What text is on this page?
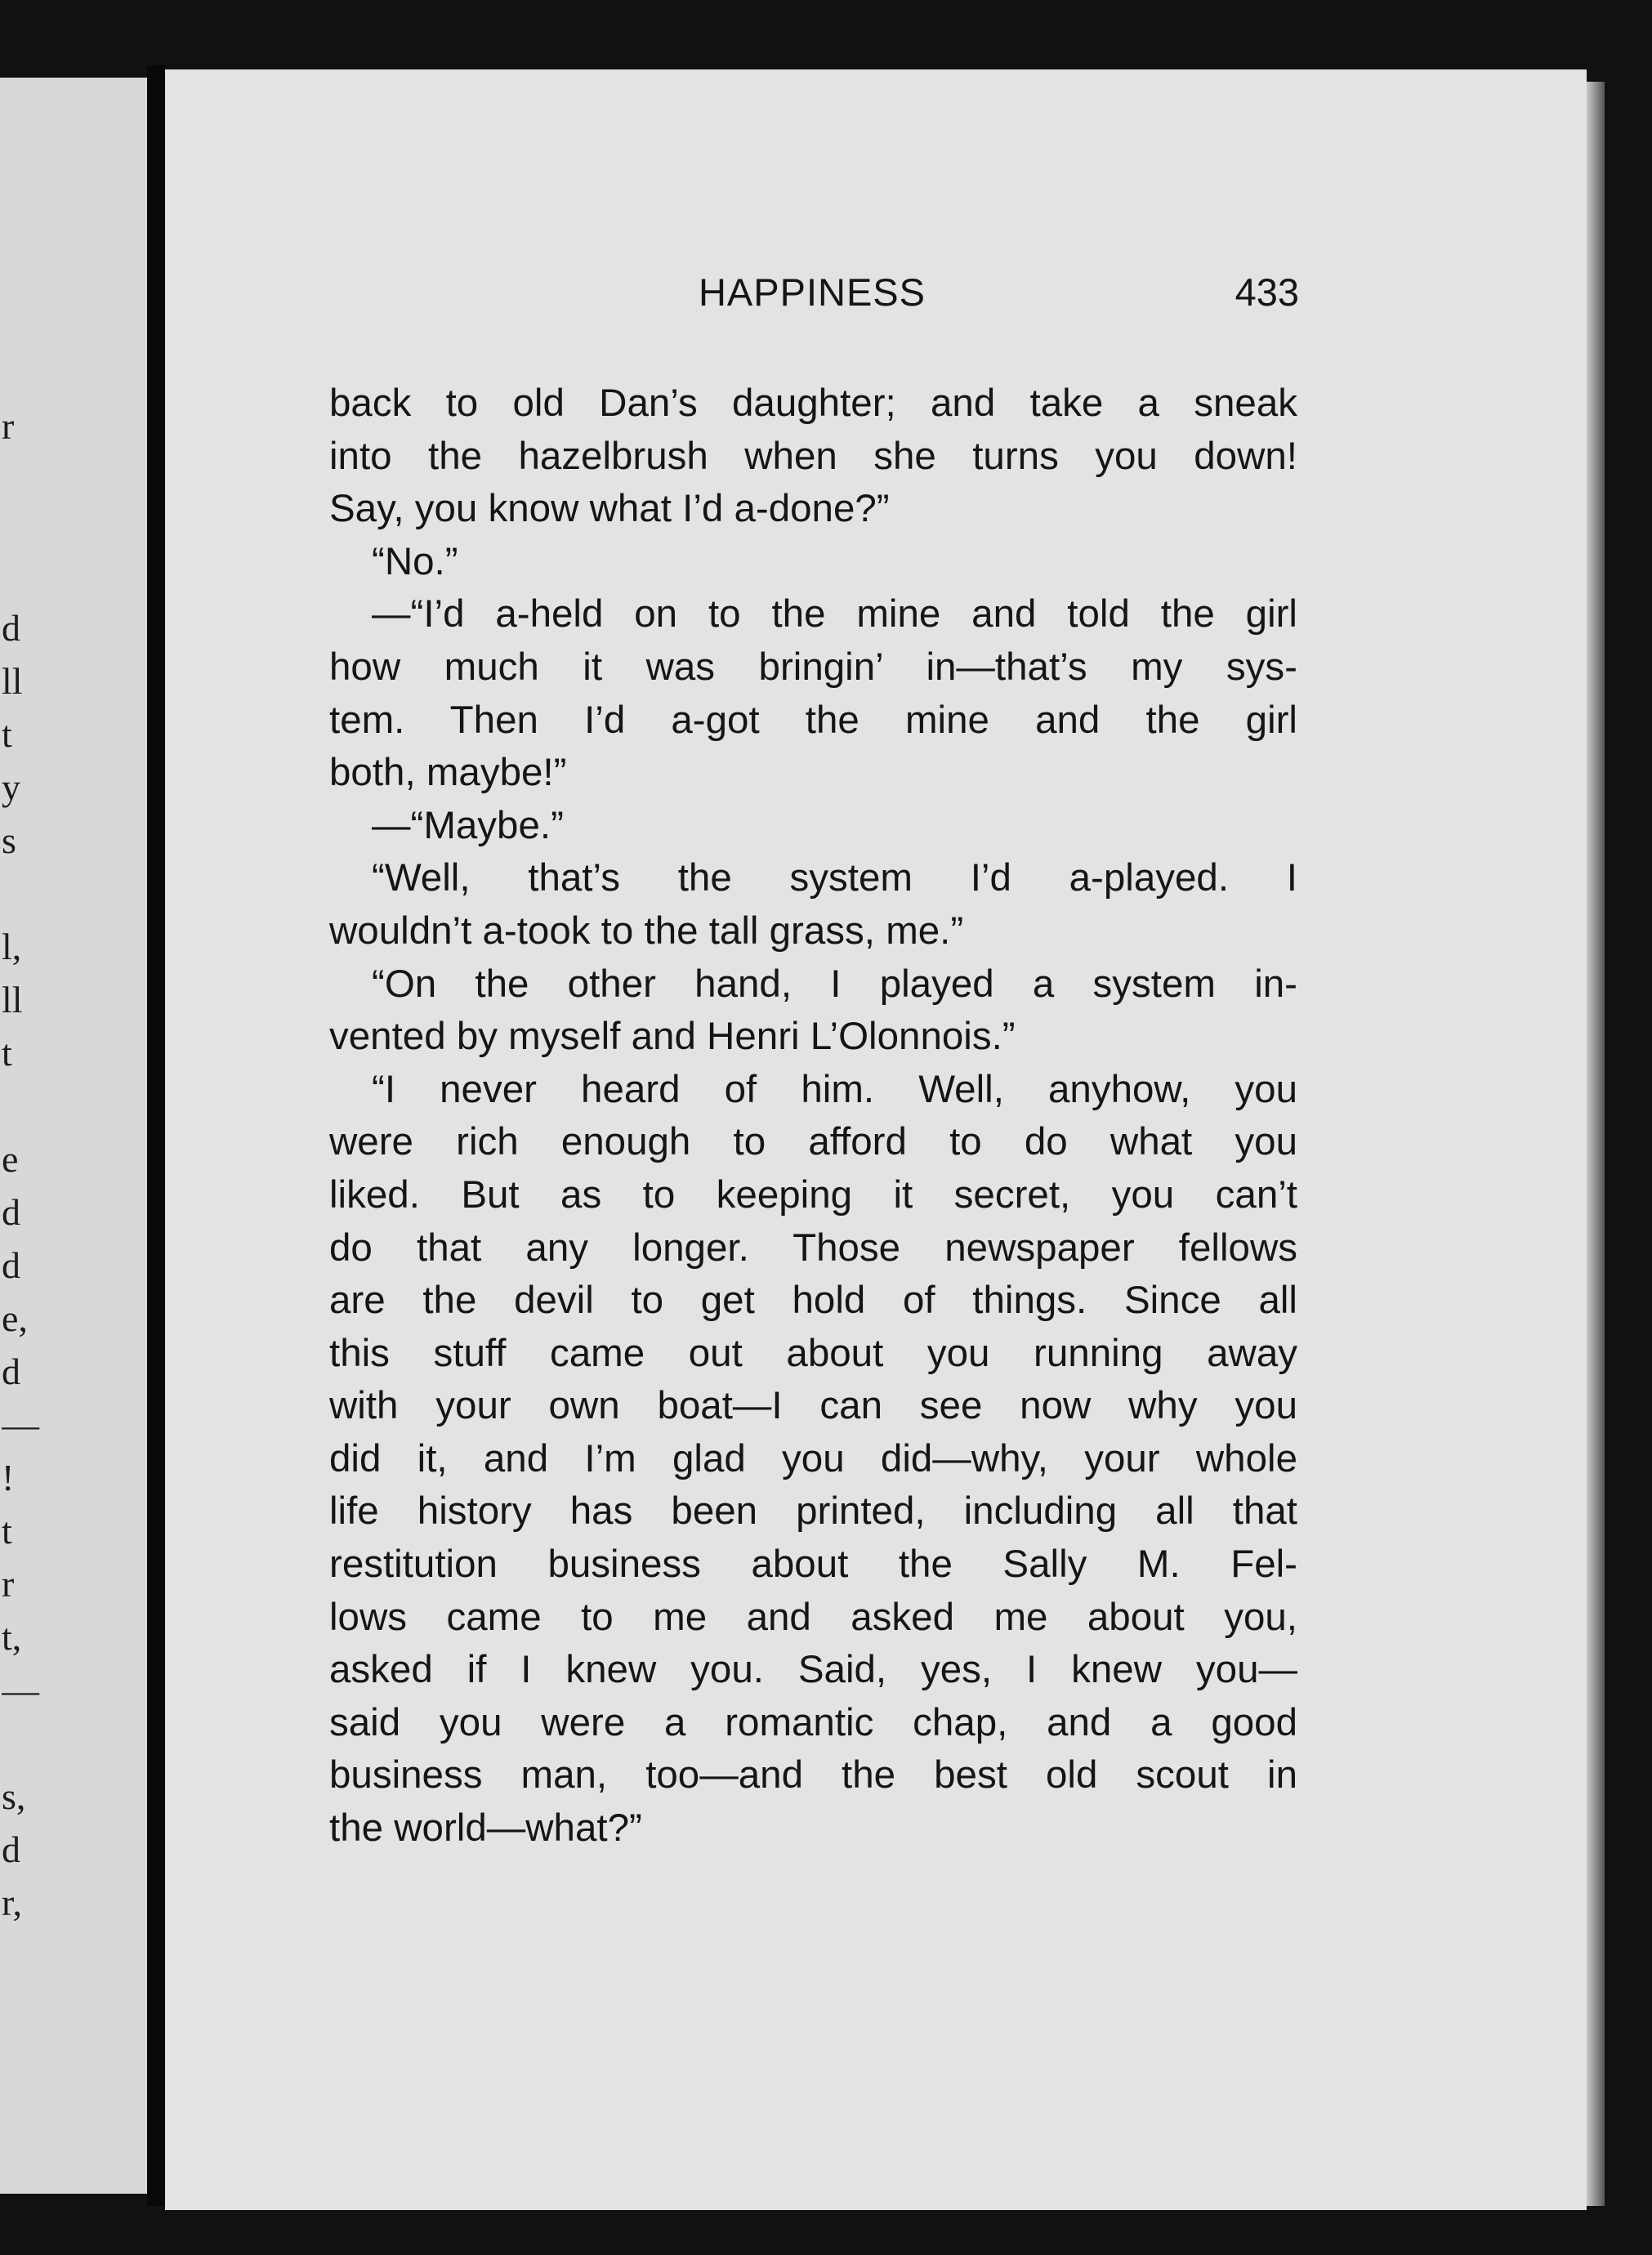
r
d
ll
t
y
s
l,
ll
t
e
d
d
e,
d
—
!
t
r
t,
—
s,
d
r,
HAPPINESS	433
back to old Dan’s daughter; and take a sneak
into the hazelbrush when she turns you down!
Say, you know what I’d a-done?”
“No.”
—“I’d a-held on to the mine and told the girl
how much it was bringin’ in—that’s my sys-
tem. Then I’d a-got the mine and the girl
both, maybe!”
—“Maybe.”
“Well, that’s the system I’d a-played. I
wouldn’t a-took to the tall grass, me.”
“On the other hand, I played a system in-
vented by myself and Henri L’Olonnois.”
“I never heard of him. Well, anyhow, you
were rich enough to afford to do what you
liked. But as to keeping it secret, you can’t
do that any longer. Those newspaper fellows
are the devil to get hold of things. Since all
this stuff came out about you running away
with your own boat—I can see now why you
did it, and I’m glad you did—why, your whole
life history has been printed, including all that
restitution business about the Sally M. Fel-
lows came to me and asked me about you,
asked if I knew you. Said, yes, I knew you—
said you were a romantic chap, and a good
business man, too—and the best old scout in
the world—what?”
